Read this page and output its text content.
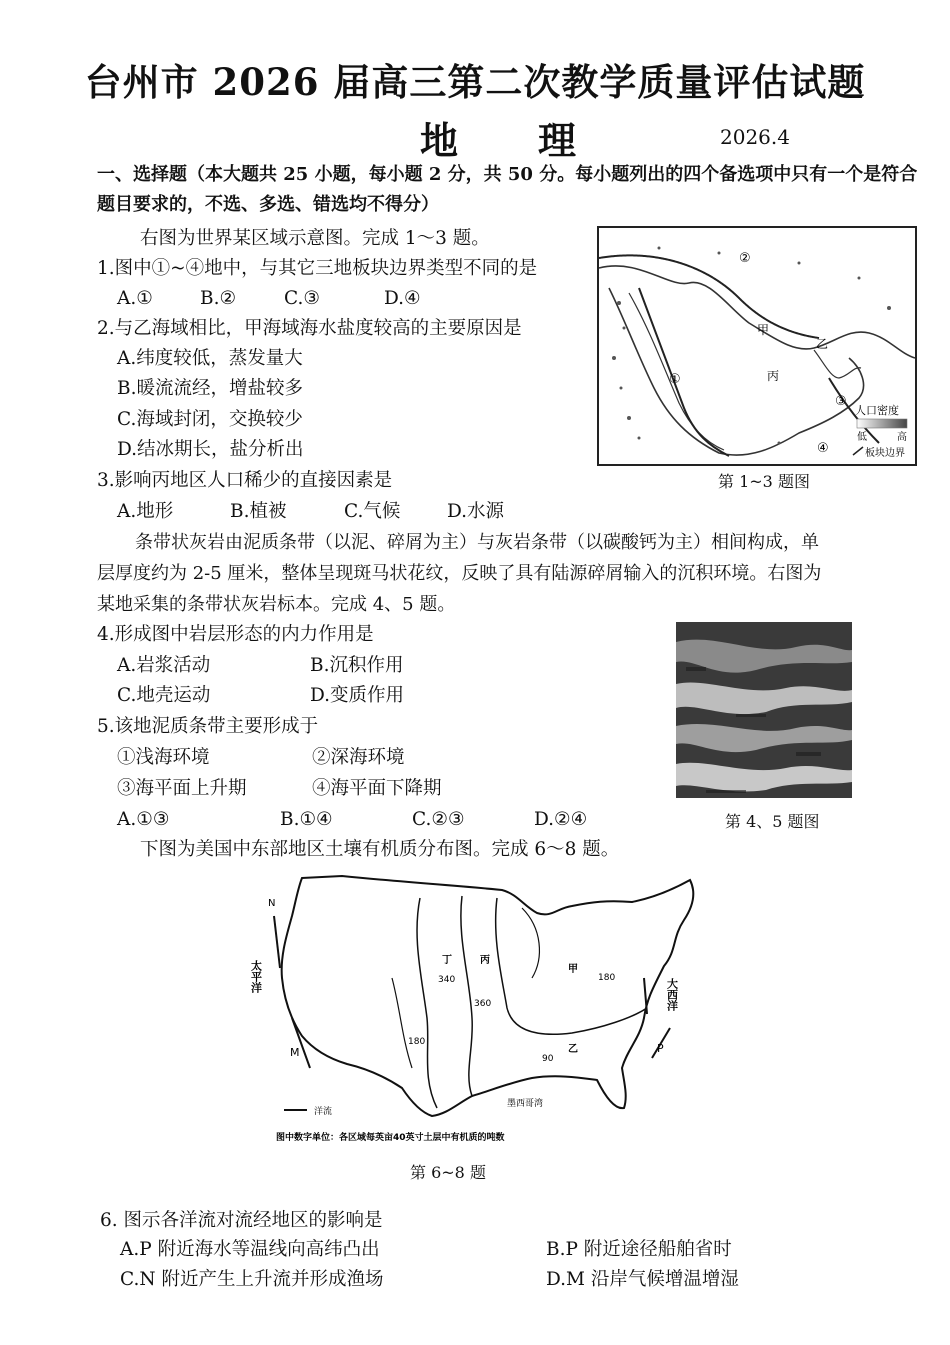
台州市 2026 届高三第二次教学质量评估试题
地理	2026.4
一、选择题（本大题共 25 小题，每小题 2 分，共 50 分。每小题列出的四个备选项中只有一个是符合题目要求的，不选、多选、错选均不得分）
右图为世界某区域示意图。完成 1～3 题。
1.图中①~④地中，与其它三地板块边界类型不同的是
A.①	B.②	C.③	D.④
2.与乙海域相比，甲海域海水盐度较高的主要原因是
A.纬度较低，蒸发量大
B.暖流流经，增盐较多
C.海域封闭，交换较少
D.结冰期长，盐分析出
3.影响丙地区人口稀少的直接因素是
A.地形	B.植被	C.气候	D.水源
②
①
③
④
甲
乙
丙
人口密度
低	高
板块边界
第 1~3 题图
条带状灰岩由泥质条带（以泥、碎屑为主）与灰岩条带（以碳酸钙为主）相间构成，单
层厚度约为 2-5 厘米，整体呈现斑马状花纹，反映了具有陆源碎屑输入的沉积环境。右图为
某地采集的条带状灰岩标本。完成 4、5 题。
4.形成图中岩层形态的内力作用是
A.岩浆活动	B.沉积作用
C.地壳运动	D.变质作用
5.该地泥质条带主要形成于
①浅海环境	②深海环境
③海平面上升期	④海平面下降期
A.①③	B.①④	C.②③	D.②④	第 4、5 题图
下图为美国中东部地区土壤有机质分布图。完成 6～8 题。
N
太平洋
大西洋
M	P
丁	丙
甲
乙
340
360
180
180
90
洋流
墨西哥湾
图中数字单位：各区域每英亩40英寸土层中有机质的吨数
第 6~8 题
6. 图示各洋流对流经地区的影响是
A.P 附近海水等温线向高纬凸出	B.P 附近途径船舶省时
C.N 附近产生上升流并形成渔场	D.M 沿岸气候增温增湿
